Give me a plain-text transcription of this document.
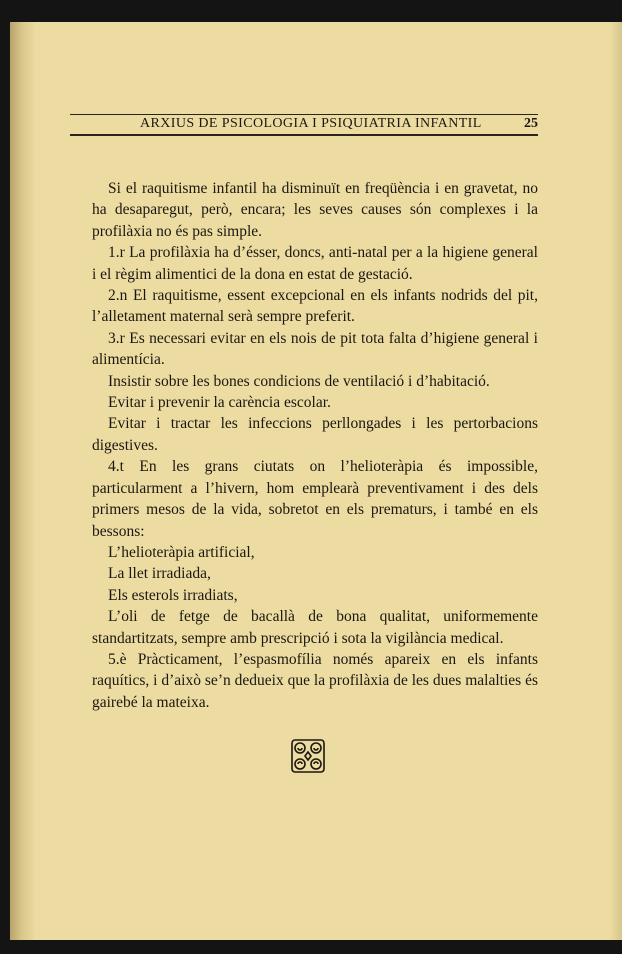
ARXIUS DE PSICOLOGIA I PSIQUIATRIA INFANTIL	25

Si el raquitisme infantil ha disminuït en freqüència i en gravetat, no ha desaparegut, però, encara; les seves causes són complexes i la profilàxia no és pas simple.

1.r La profilàxia ha d’ésser, doncs, anti-natal per a la higiene general i el règim alimentici de la dona en estat de gestació.

2.n El raquitisme, essent excepcional en els infants nodrids del pit, l’alletament maternal serà sempre preferit.

3.r Es necessari evitar en els nois de pit tota falta d’higiene general i alimentícia.

Insistir sobre les bones condicions de ventilació i d’habitació.

Evitar i prevenir la carència escolar.

Evitar i tractar les infeccions perllongades i les pertorbacions digestives.

4.t En les grans ciutats on l’helioteràpia és impossible, particularment a l’hivern, hom emplearà preventivament i des dels primers mesos de la vida, sobretot en els prematurs, i també en els bessons:

L’helioteràpia artificial,

La llet irradiada,

Els esterols irradiats,

L’oli de fetge de bacallà de bona qualitat, uniformemente standartitzats, sempre amb prescripció i sota la vigilància medical.

5.è Pràcticament, l’espasmofília només apareix en els infants raquítics, i d’això se’n dedueix que la profilàxia de les dues malalties és gairebé la mateixa.
